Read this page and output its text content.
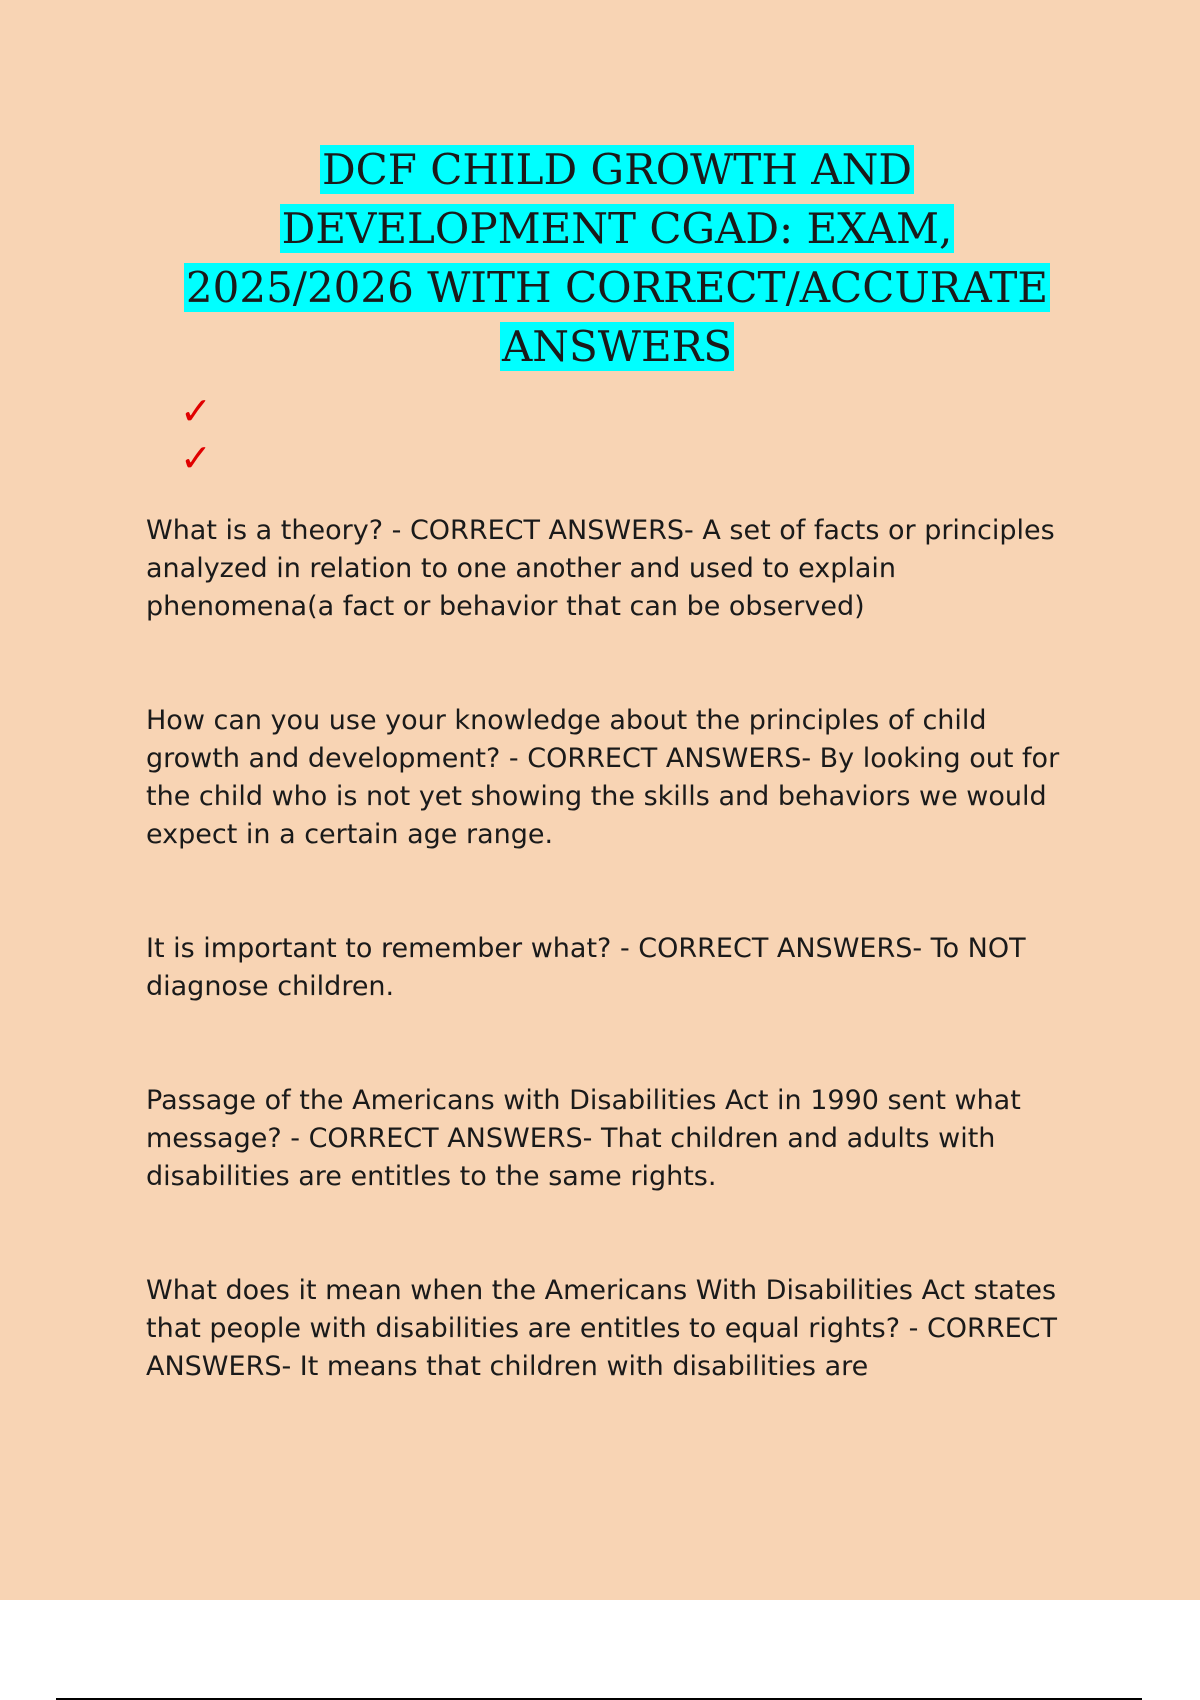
DCF CHILD GROWTH AND
DEVELOPMENT CGAD: EXAM,
2025/2026 WITH CORRECT/ACCURATE
ANSWERS
✓
✓

What is a theory? - CORRECT ANSWERS- A set of facts or principles analyzed in relation to one another and used to explain phenomena(a fact or behavior that can be observed)

How can you use your knowledge about the principles of child growth and development? - CORRECT ANSWERS- By looking out for the child who is not yet showing the skills and behaviors we would expect in a certain age range.

It is important to remember what? - CORRECT ANSWERS- To NOT diagnose children.

Passage of the Americans with Disabilities Act in 1990 sent what message? - CORRECT ANSWERS- That children and adults with disabilities are entitles to the same rights.

What does it mean when the Americans With Disabilities Act states that people with disabilities are entitles to equal rights? - CORRECT ANSWERS- It means that children with disabilities are
